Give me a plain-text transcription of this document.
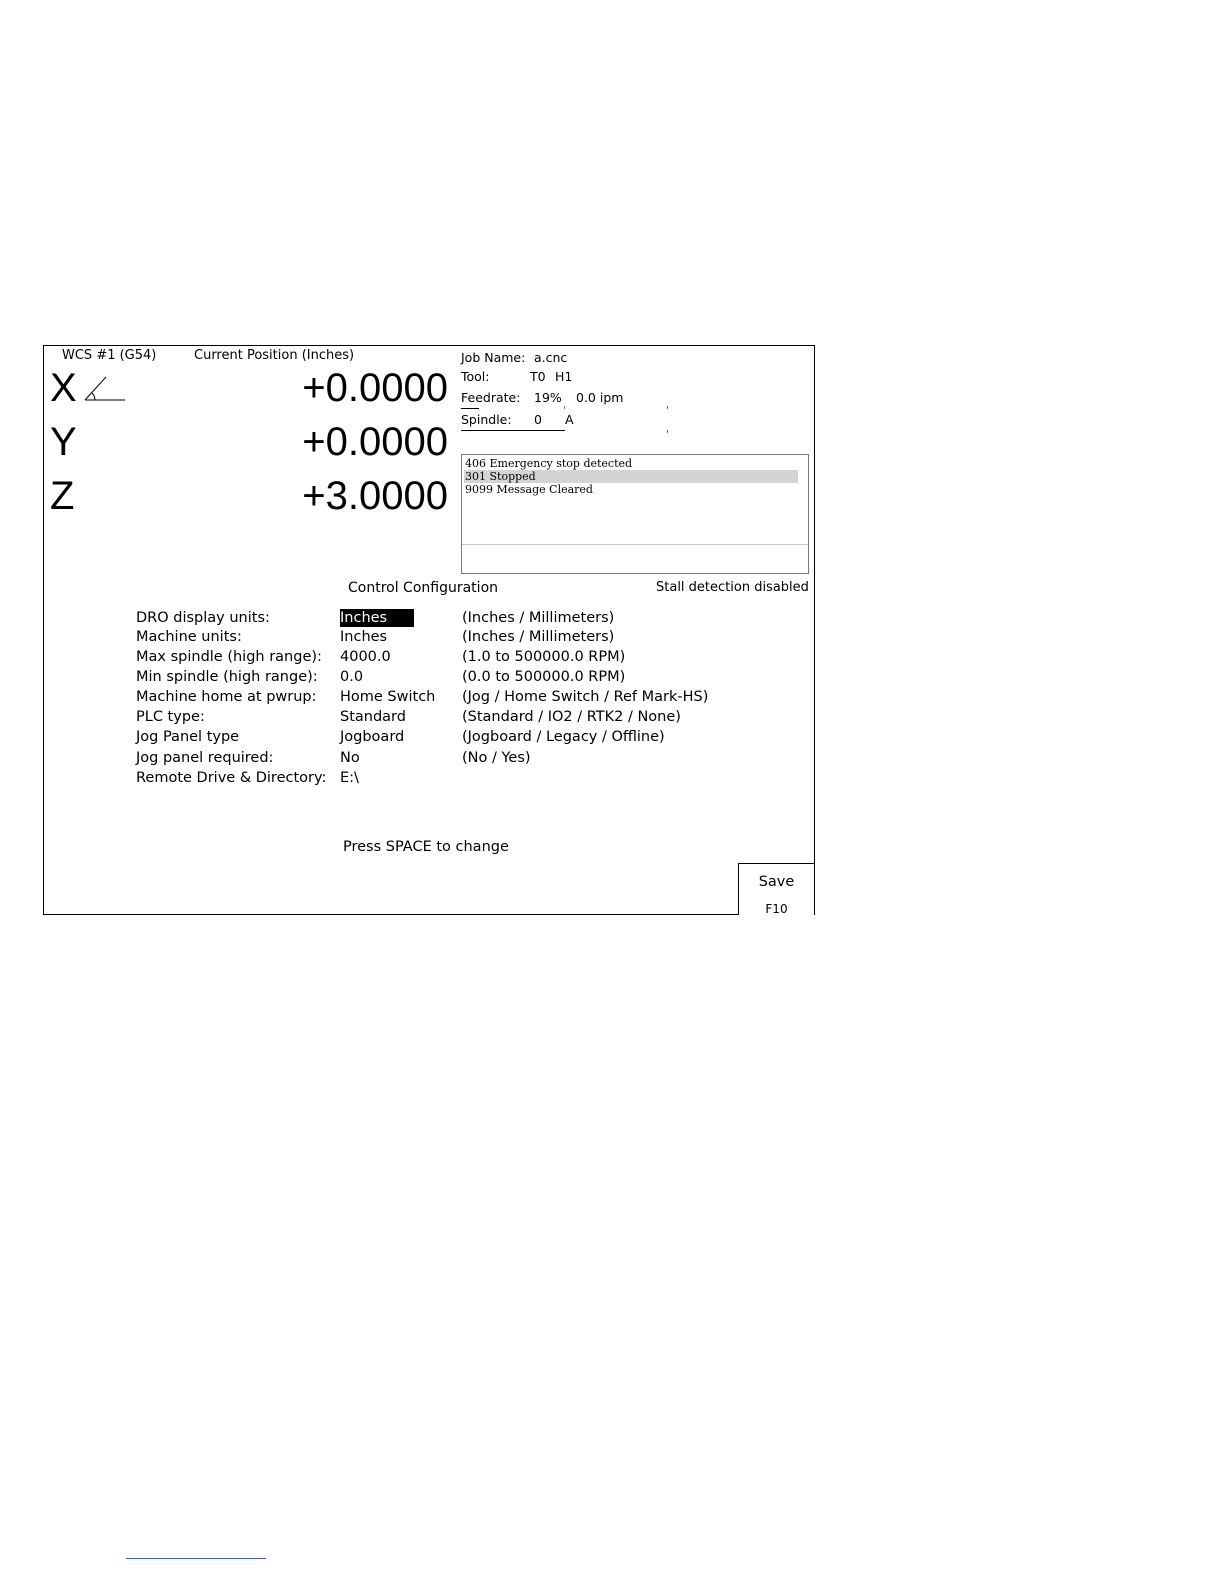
WCS #1 (G54)	Current Position (Inches)
X	+0.0000
Y	+0.0000
Z	+3.0000
Job Name: a.cnc
Tool:	T0 H1
Feedrate: 19% 0.0 ipm
Spindle: 0 A
406 Emergency stop detected
301 Stopped
9099 Message Cleared
Control Configuration	Stall detection disabled
DRO display units:	Inches	(Inches / Millimeters)
Machine units:	Inches	(Inches / Millimeters)
Max spindle (high range): 4000.0	(1.0 to 500000.0 RPM)
Min spindle (high range): 0.0	(0.0 to 500000.0 RPM)
Machine home at pwrup: Home Switch (Jog / Home Switch / Ref Mark-HS)
PLC type:	Standard	(Standard / IO2 / RTK2 / None)
Jog Panel type	Jogboard	(Jogboard / Legacy / Offline)
Jog panel required:	No	(No / Yes)
Remote Drive & Directory: E:\
Press SPACE to change
Save
F10
